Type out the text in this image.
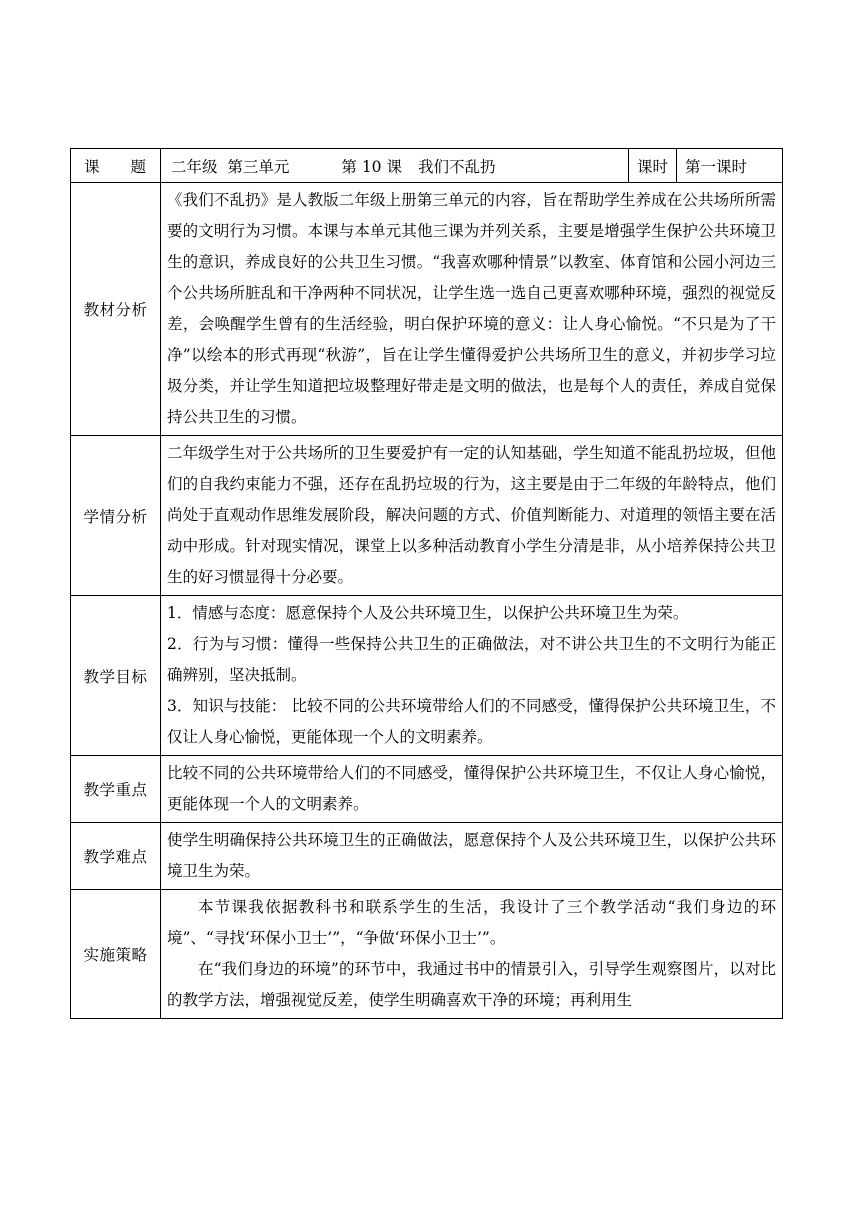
课 题	二年级 第三单元 第 10 课 我们不乱扔	课时	第一课时
教材分析	《我们不乱扔》是人教版二年级上册第三单元的内容，旨在帮助学生养成在公共场所所需要的文明行为习惯。本课与本单元其他三课为并列关系，主要是增强学生保护公共环境卫生的意识，养成良好的公共卫生习惯。“我喜欢哪种情景”以教室、体育馆和公园小河边三个公共场所脏乱和干净两种不同状况，让学生选一选自己更喜欢哪种环境，强烈的视觉反差，会唤醒学生曾有的生活经验，明白保护环境的意义：让人身心愉悦。“不只是为了干净”以绘本的形式再现“秋游”，旨在让学生懂得爱护公共场所卫生的意义，并初步学习垃圾分类，并让学生知道把垃圾整理好带走是文明的做法，也是每个人的责任，养成自觉保持公共卫生的习惯。		

学情分析	二年级学生对于公共场所的卫生要爱护有一定的认知基础，学生知道不能乱扔垃圾，但他们的自我约束能力不强，还存在乱扔垃圾的行为，这主要是由于二年级的年龄特点，他们尚处于直观动作思维发展阶段，解决问题的方式、价值判断能力、对道理的领悟主要在活动中形成。针对现实情况，课堂上以多种活动教育小学生分清是非，从小培养保持公共卫生的好习惯显得十分必要。		

教学目标	1．情感与态度：愿意保持个人及公共环境卫生，以保护公共环境卫生为荣。

2．行为与习惯：懂得一些保持公共卫生的正确做法，对不讲公共卫生的不文明行为能正确辨别，坚决抵制。

3．知识与技能： 比较不同的公共环境带给人们的不同感受，懂得保护公共环境卫生，不仅让人身心愉悦，更能体现一个人的文明素养。		

教学重点	比较不同的公共环境带给人们的不同感受，懂得保护公共环境卫生，不仅让人身心愉悦，更能体现一个人的文明素养。		

教学难点	使学生明确保持公共环境卫生的正确做法，愿意保持个人及公共环境卫生，以保护公共环境卫生为荣。		

实施策略	本节课我依据教科书和联系学生的生活，我设计了三个教学活动“我们身边的环境”、“寻找‘环保小卫士’”，“争做‘环保小卫士’”。

在“我们身边的环境”的环节中，我通过书中的情景引入，引导学生观察图片，以对比的教学方法，增强视觉反差，使学生明确喜欢干净的环境；再利用生		
